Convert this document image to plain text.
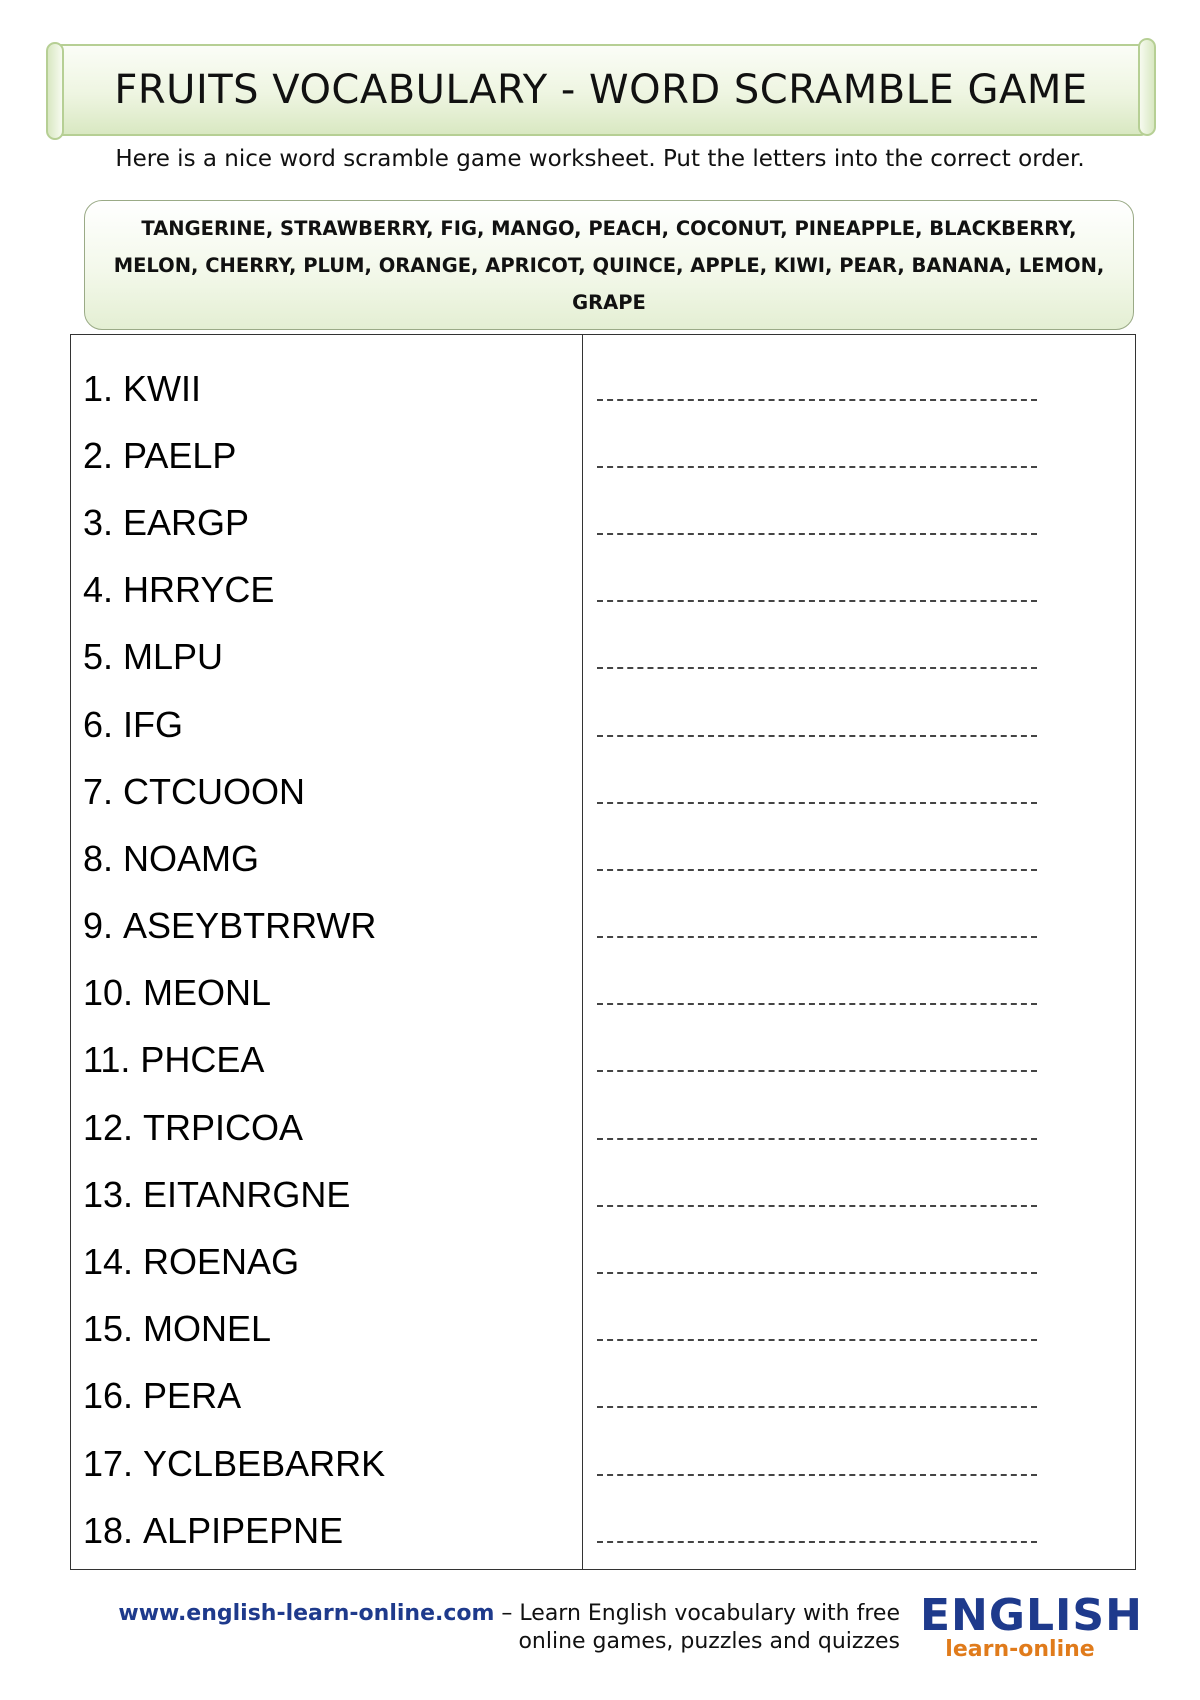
FRUITS VOCABULARY - WORD SCRAMBLE GAME

Here is a nice word scramble game worksheet. Put the letters into the correct order.

TANGERINE, STRAWBERRY, FIG, MANGO, PEACH, COCONUT, PINEAPPLE, BLACKBERRY, MELON, CHERRY, PLUM, ORANGE, APRICOT, QUINCE, APPLE, KIWI, PEAR, BANANA, LEMON, GRAPE

1. KWII
2. PAELP
3. EARGP
4. HRRYCE
5. MLPU
6. IFG
7. CTCUOON
8. NOAMG
9. ASEYBTRRWR
10. MEONL
11. PHCEA
12. TRPICOA
13. EITANRGNE
14. ROENAG
15. MONEL
16. PERA
17. YCLBEBARRK
18. ALPIPEPNE
www.english-learn-online.com – Learn English vocabulary with free online games, puzzles and quizzes
ENGLISH
learn-online
